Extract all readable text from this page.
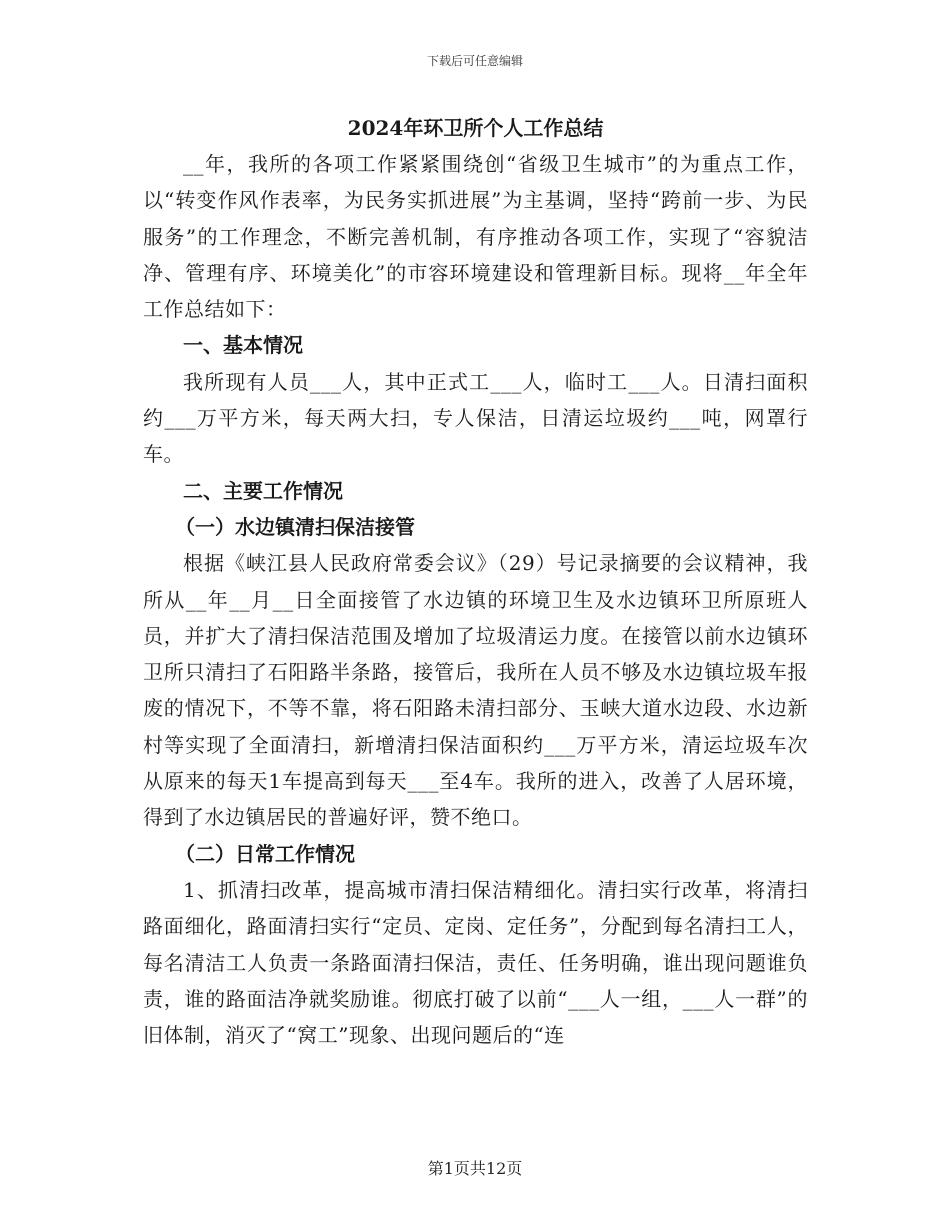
下载后可任意编辑
2024年环卫所个人工作总结

__年，我所的各项工作紧紧围绕创“省级卫生城市”的为重点工作，以“转变作风作表率，为民务实抓进展”为主基调，坚持“跨前一步、为民服务”的工作理念，不断完善机制，有序推动各项工作，实现了“容貌洁净、管理有序、环境美化”的市容环境建设和管理新目标。现将__年全年工作总结如下：

一、基本情况

我所现有人员___人，其中正式工___人，临时工___人。日清扫面积约___万平方米，每天两大扫，专人保洁，日清运垃圾约___吨，网罩行车。

二、主要工作情况

（一）水边镇清扫保洁接管

根据《峡江县人民政府常委会议》（29）号记录摘要的会议精神，我所从__年__月__日全面接管了水边镇的环境卫生及水边镇环卫所原班人员，并扩大了清扫保洁范围及增加了垃圾清运力度。在接管以前水边镇环卫所只清扫了石阳路半条路，接管后，我所在人员不够及水边镇垃圾车报废的情况下，不等不靠，将石阳路未清扫部分、玉峡大道水边段、水边新村等实现了全面清扫，新增清扫保洁面积约___万平方米，清运垃圾车次从原来的每天1车提高到每天___至4车。我所的进入，改善了人居环境，得到了水边镇居民的普遍好评，赞不绝口。

（二）日常工作情况

1、抓清扫改革，提高城市清扫保洁精细化。清扫实行改革，将清扫路面细化，路面清扫实行“定员、定岗、定任务”，分配到每名清扫工人，每名清洁工人负责一条路面清扫保洁，责任、任务明确，谁出现问题谁负责，谁的路面洁净就奖励谁。彻底打破了以前“___人一组，___人一群”的旧体制，消灭了“窝工”现象、出现问题后的“连

第1页共12页
